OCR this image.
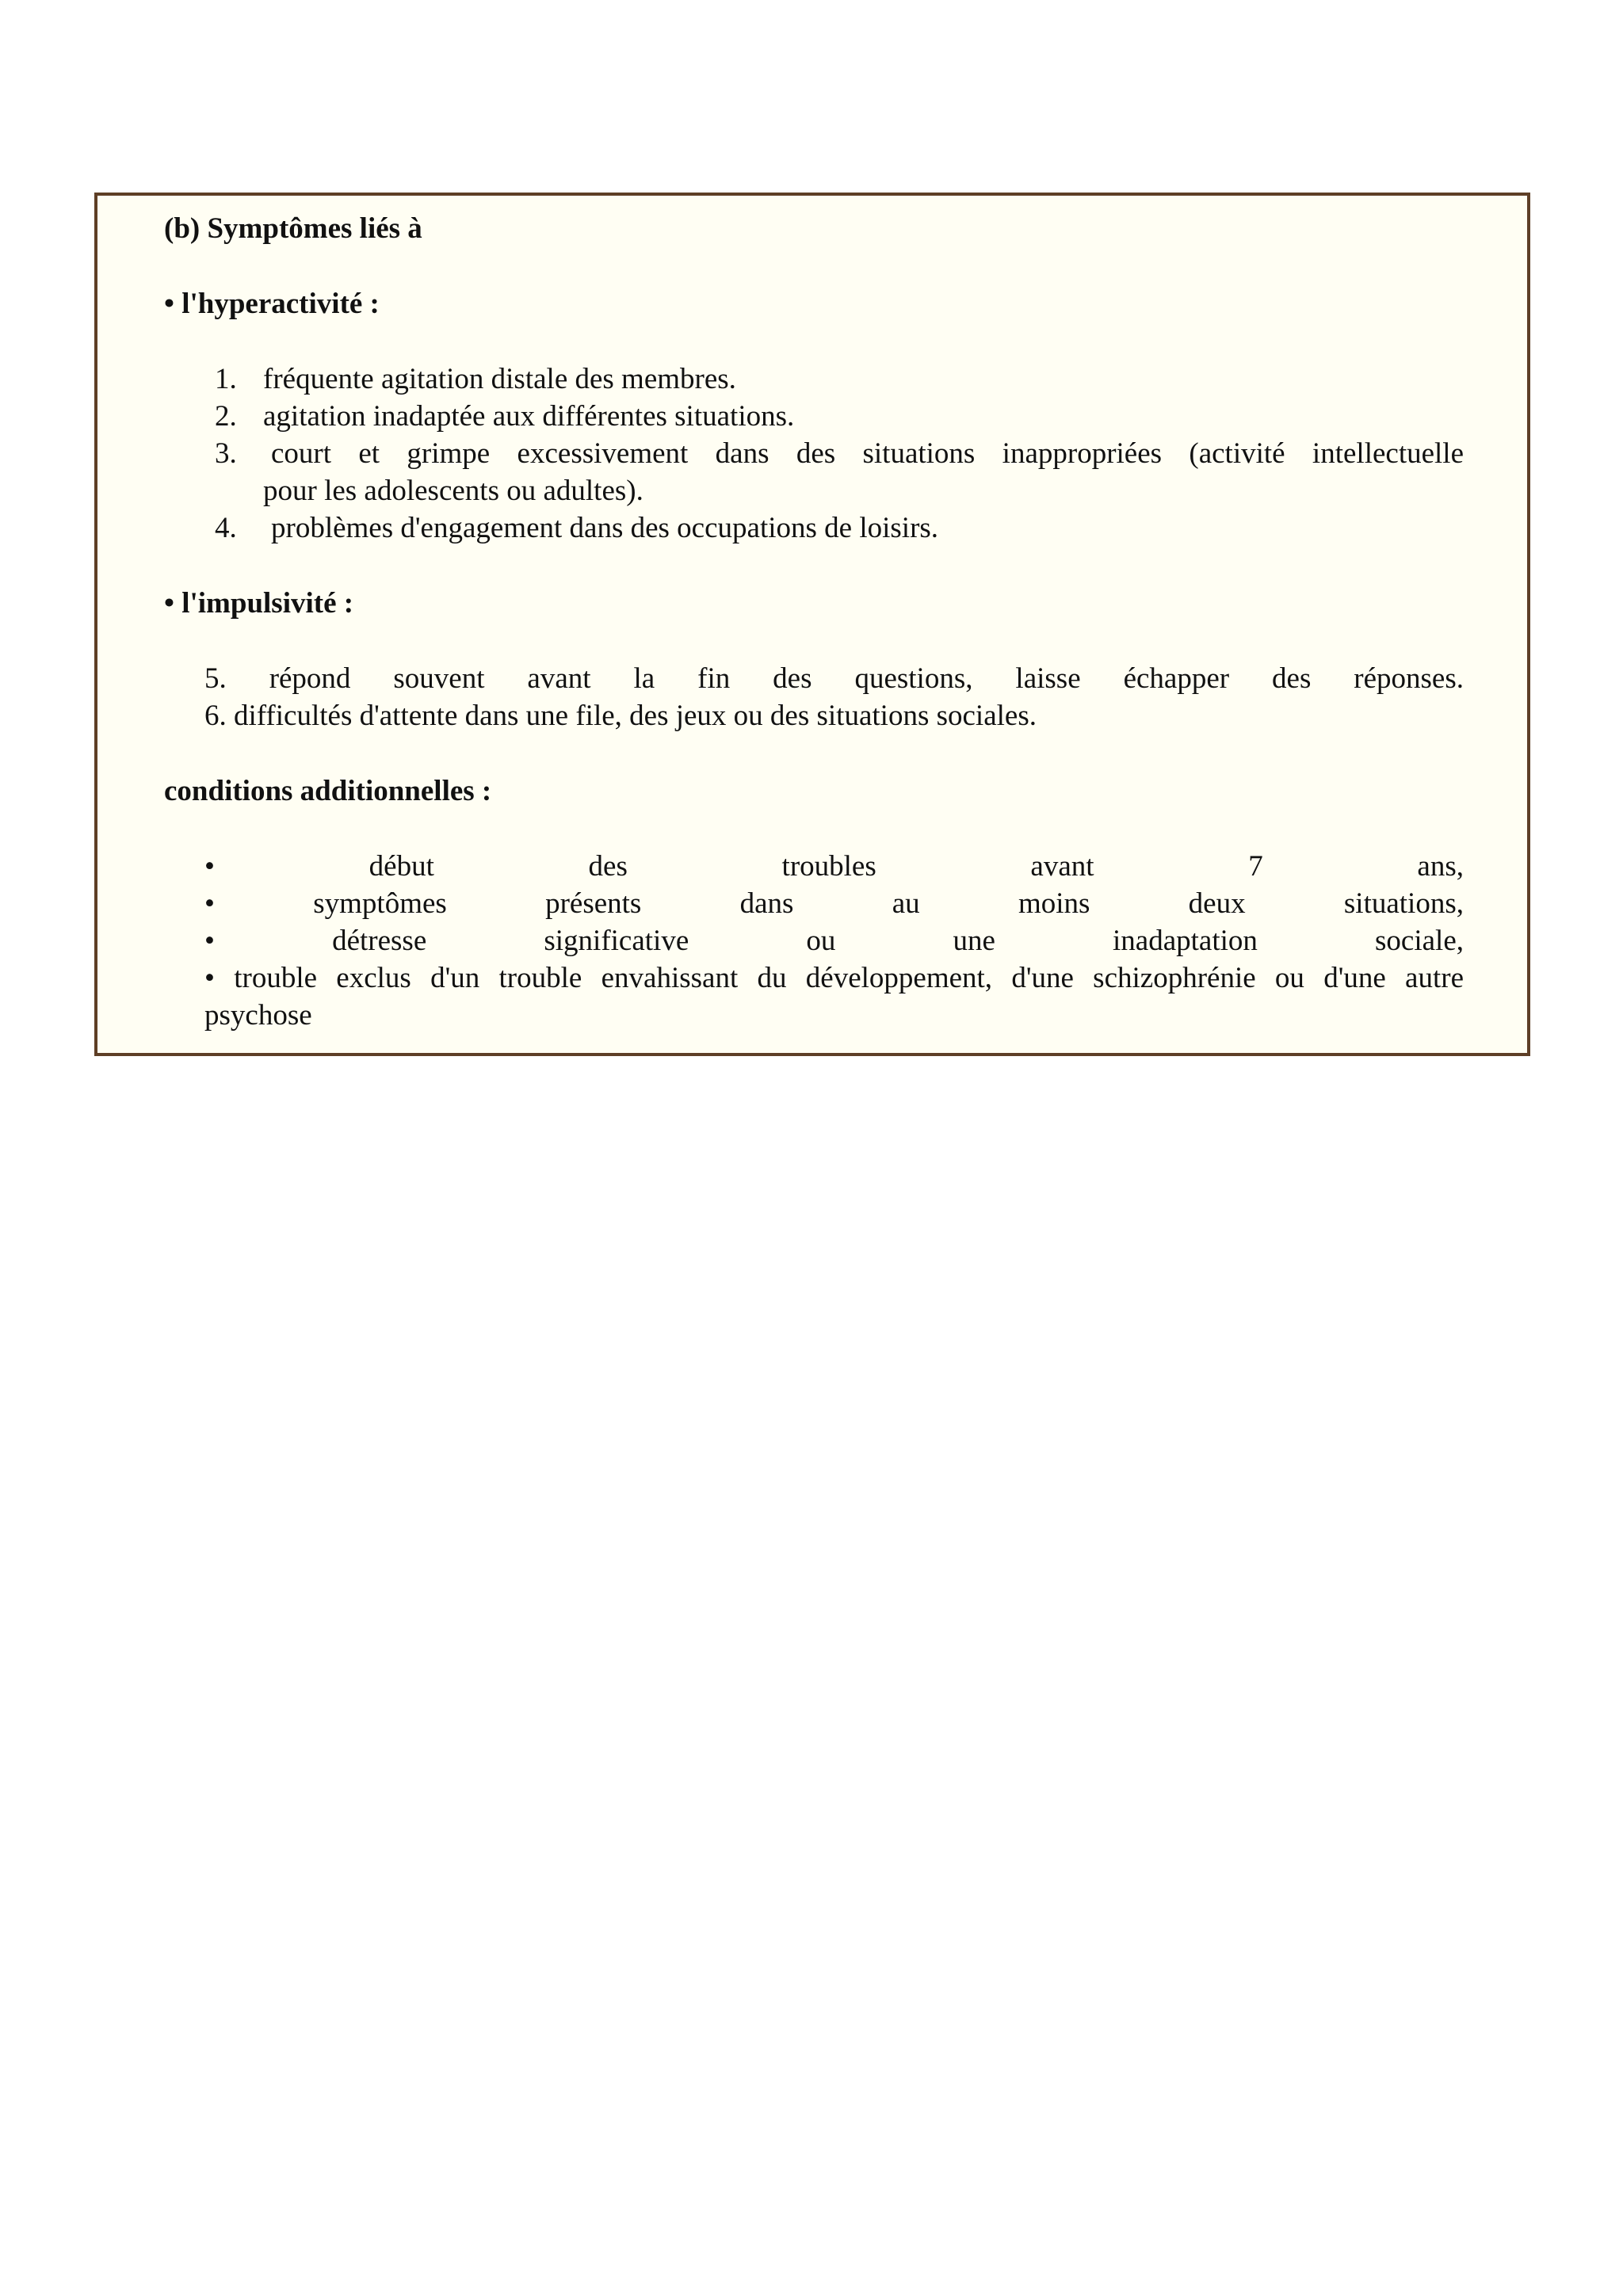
(b) Symptômes liés à
• l'hyperactivité :
1. fréquente agitation distale des membres.
2. agitation inadaptée aux différentes situations.
3. court et grimpe excessivement dans des situations inappropriées (activité intellectuelle
pour les adolescents ou adultes).
4. problèmes d'engagement dans des occupations de loisirs.
• l'impulsivité :
5. répond souvent avant la fin des questions, laisse échapper des réponses.
6. difficultés d'attente dans une file, des jeux ou des situations sociales.
conditions additionnelles :
• début des troubles avant 7 ans,
• symptômes présents dans au moins deux situations,
• détresse significative ou une inadaptation sociale,
• trouble exclus d'un trouble envahissant du développement, d'une schizophrénie ou d'une autre
psychose
